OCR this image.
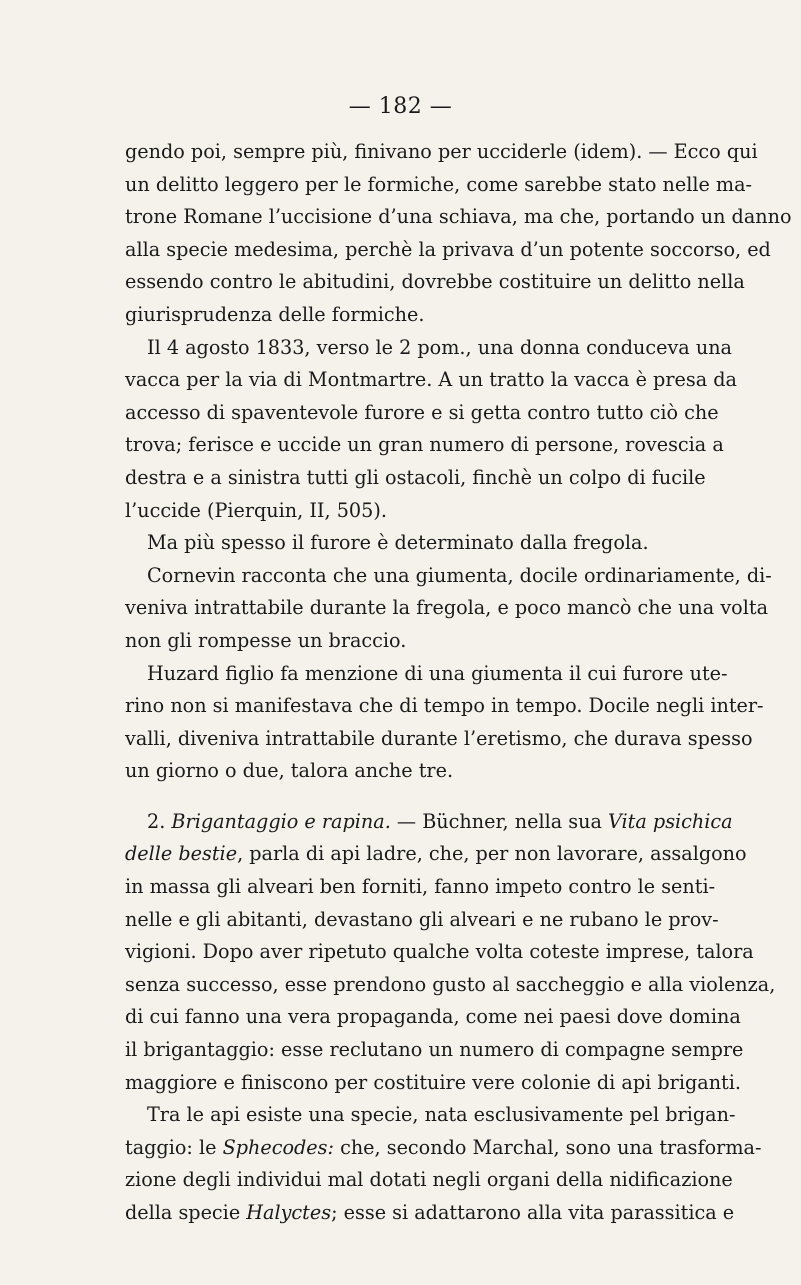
— 182 —
gendo poi, sempre più, finivano per ucciderle (idem). — Ecco qui
un delitto leggero per le formiche, come sarebbe stato nelle ma-
trone Romane l’uccisione d’una schiava, ma che, portando un danno
alla specie medesima, perchè la privava d’un potente soccorso, ed
essendo contro le abitudini, dovrebbe costituire un delitto nella
giurisprudenza delle formiche.
Il 4 agosto 1833, verso le 2 pom., una donna conduceva una
vacca per la via di Montmartre. A un tratto la vacca è presa da
accesso di spaventevole furore e si getta contro tutto ciò che
trova; ferisce e uccide un gran numero di persone, rovescia a
destra e a sinistra tutti gli ostacoli, finchè un colpo di fucile
l’uccide (Pierquin, II, 505).
Ma più spesso il furore è determinato dalla fregola.
Cornevin racconta che una giumenta, docile ordinariamente, di-
veniva intrattabile durante la fregola, e poco mancò che una volta
non gli rompesse un braccio.
Huzard figlio fa menzione di una giumenta il cui furore ute-
rino non si manifestava che di tempo in tempo. Docile negli inter-
valli, diveniva intrattabile durante l’eretismo, che durava spesso
un giorno o due, talora anche tre.
2. Brigantaggio e rapina. — Büchner, nella sua Vita psichica
delle bestie, parla di api ladre, che, per non lavorare, assalgono
in massa gli alveari ben forniti, fanno impeto contro le senti-
nelle e gli abitanti, devastano gli alveari e ne rubano le prov-
vigioni. Dopo aver ripetuto qualche volta coteste imprese, talora
senza successo, esse prendono gusto al saccheggio e alla violenza,
di cui fanno una vera propaganda, come nei paesi dove domina
il brigantaggio: esse reclutano un numero di compagne sempre
maggiore e finiscono per costituire vere colonie di api briganti.
Tra le api esiste una specie, nata esclusivamente pel brigan-
taggio: le Sphecodes: che, secondo Marchal, sono una trasforma-
zione degli individui mal dotati negli organi della nidificazione
della specie Halyctes; esse si adattarono alla vita parassitica e
